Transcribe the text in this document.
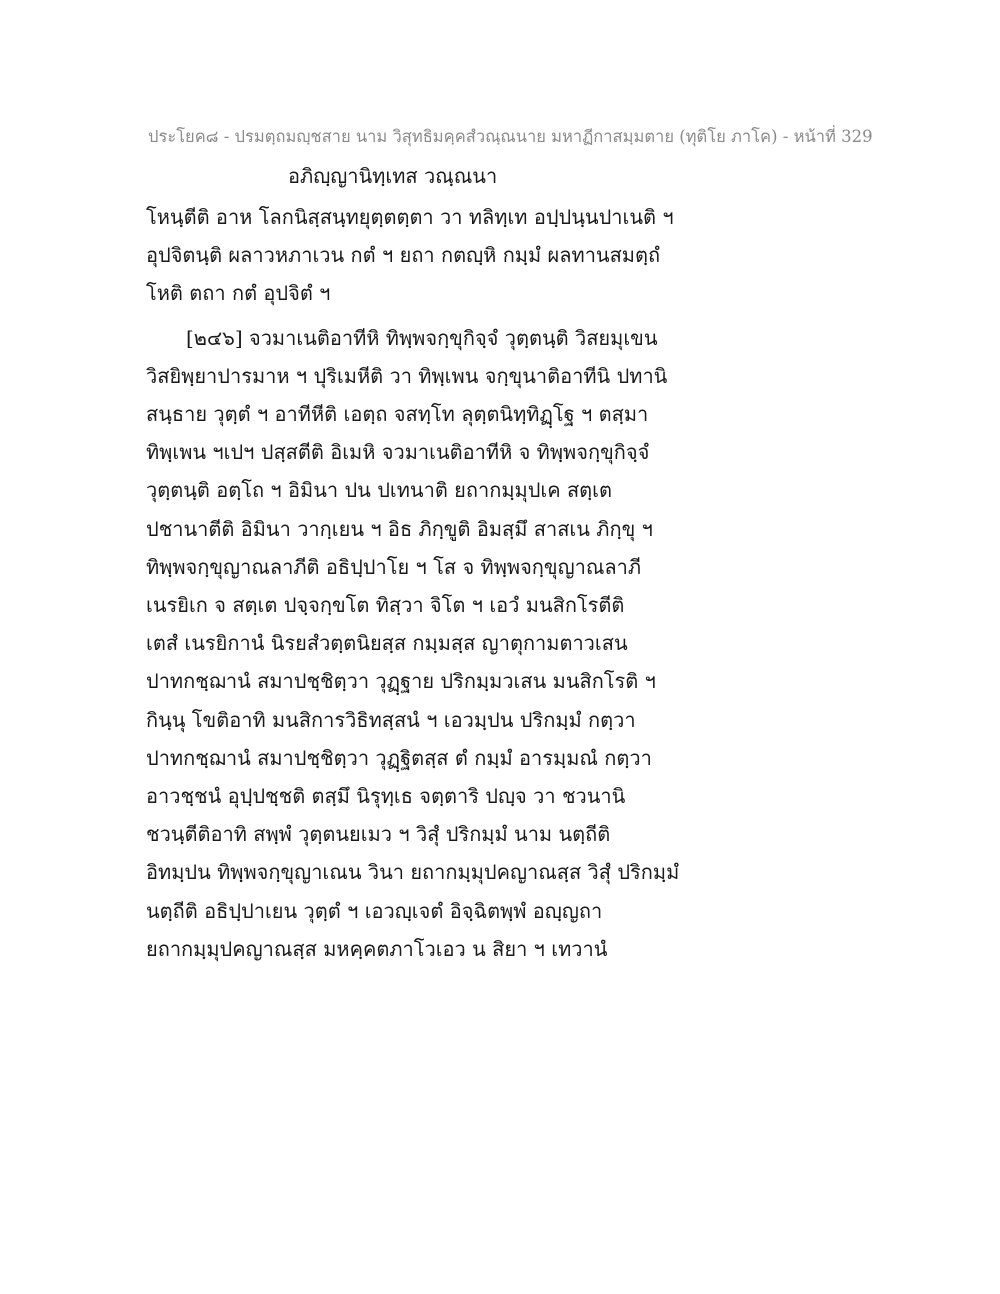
ประโยค๘ - ปรมตฺถมญฺชสาย นาม วิสุทธิมคฺคสํวณฺณนาย มหาฏีกาสมฺมตาย (ทุติโย ภาโค) - หน้าที่ 329
อภิญฺญานิทฺเทส วณฺณนา
โหนฺตีติ อาห โลกนิสฺสนฺทยุตฺตตฺตา วา ทลิทฺเท อปฺปนฺนปาเนติ ฯ
อุปจิตนฺติ ผลาวหภาเวน กตํ ฯ ยถา กตญฺหิ กมฺมํ ผลทานสมตฺถํ
โหติ ตถา กตํ อุปจิตํ ฯ
[๒๔๖] จวมาเนติอาทีหิ ทิพฺพจกฺขุกิจฺจํ วุตฺตนฺติ วิสยมุเขน
วิสยิพฺยาปารมาห ฯ ปุริเมหีติ วา ทิพฺเพน จกฺขุนาติอาทีนิ ปทานิ
สนฺธาย วุตฺตํ ฯ อาทีหีติ เอตฺถ จสทฺโท ลุตฺตนิทฺทิฏฺโฐ ฯ ตสฺมา
ทิพฺเพน ฯเปฯ ปสฺสตีติ อิเมหิ จวมาเนติอาทีหิ จ ทิพฺพจกฺขุกิจฺจํ
วุตฺตนฺติ อตฺโถ ฯ อิมินา ปน ปเทนาติ ยถากมฺมุปเค สตฺเต
ปชานาตีติ อิมินา วากฺเยน ฯ อิธ ภิกฺขูติ อิมสฺมึ สาสเน ภิกฺขุ ฯ
ทิพฺพจกฺขุญาณลาภีติ อธิปฺปาโย ฯ โส จ ทิพฺพจกฺขุญาณลาภี
เนรยิเก จ สตฺเต ปจฺจกฺขโต ทิสฺวา จิโต ฯ เอวํ มนสิกโรตีติ
เตสํ เนรยิกานํ นิรยสํวตฺตนิยสฺส กมฺมสฺส ญาตุกามตาวเสน
ปาทกชฺฌานํ สมาปชฺชิตฺวา วุฏฺฐาย ปริกมฺมวเสน มนสิกโรติ ฯ
กินฺนุ โขติอาทิ มนสิการวิธิทสฺสนํ ฯ เอวมฺปน ปริกมฺมํ กตฺวา
ปาทกชฺฌานํ สมาปชฺชิตฺวา วุฏฺฐิตสฺส ตํ กมฺมํ อารมฺมณํ กตฺวา
อาวชฺชนํ อุปฺปชฺชติ ตสฺมึ นิรุทฺเธ จตฺตาริ ปญฺจ วา ชวนานิ
ชวนฺตีติอาทิ สพฺพํ วุตฺตนยเมว ฯ วิสุํ ปริกมฺมํ นาม นตฺถีติ
อิทมฺปน ทิพฺพจกฺขุญาเณน วินา ยถากมฺมุปคญาณสฺส วิสุํ ปริกมฺมํ
นตฺถีติ อธิปฺปาเยน วุตฺตํ ฯ เอวญฺเจตํ อิจฺฉิตพฺพํ อญฺญถา
ยถากมฺมุปคญาณสฺส มหคฺคตภาโวเอว น สิยา ฯ เทวานํ
